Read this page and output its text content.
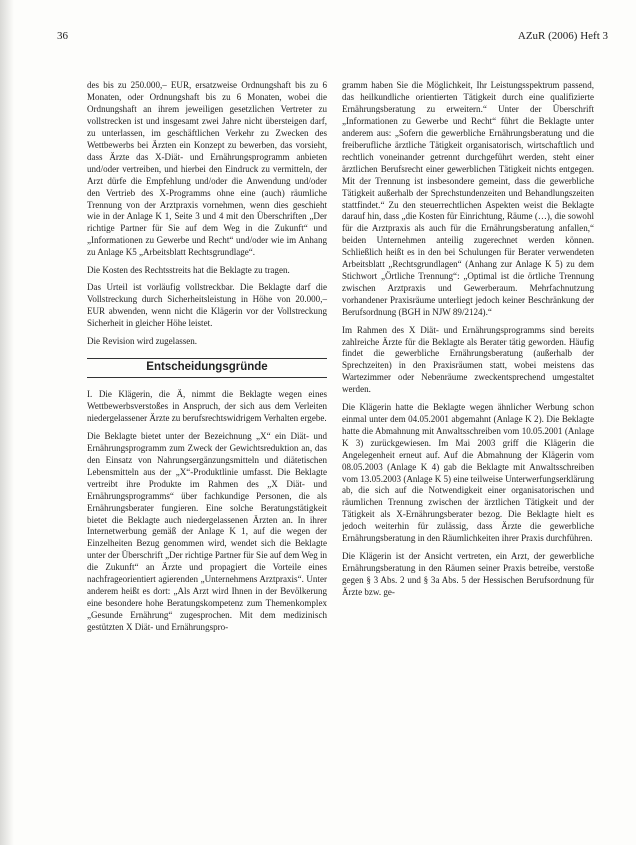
36	AZuR (2006) Heft 3

des bis zu 250.000,– EUR, ersatzweise Ordnungshaft bis zu 6 Monaten, oder Ordnungshaft bis zu 6 Monaten, wobei die Ordnungshaft an ihrem jeweiligen gesetzlichen Vertreter zu vollstrecken ist und insgesamt zwei Jahre nicht übersteigen darf, zu unterlassen, im geschäftlichen Verkehr zu Zwecken des Wettbewerbs bei Ärzten ein Konzept zu bewerben, das vorsieht, dass Ärzte das X-Diät- und Ernährungsprogramm anbieten und/oder vertreiben, und hierbei den Eindruck zu vermitteln, der Arzt dürfe die Empfehlung und/oder die Anwendung und/oder den Vertrieb des X-Programms ohne eine (auch) räumliche Trennung von der Arztpraxis vornehmen, wenn dies geschieht wie in der Anlage K 1, Seite 3 und 4 mit den Überschriften „Der richtige Partner für Sie auf dem Weg in die Zukunft“ und „Informationen zu Gewerbe und Recht“ und/oder wie im Anhang zu Anlage K5 „Arbeitsblatt Rechtsgrundlage“.

Die Kosten des Rechtsstreits hat die Beklagte zu tragen.

Das Urteil ist vorläufig vollstreckbar. Die Beklagte darf die Vollstreckung durch Sicherheitsleistung in Höhe von 20.000,– EUR abwenden, wenn nicht die Klägerin vor der Vollstreckung Sicherheit in gleicher Höhe leistet.

Die Revision wird zugelassen.

Entscheidungsgründe

I. Die Klägerin, die Ä, nimmt die Beklagte wegen eines Wettbewerbsverstoßes in Anspruch, der sich aus dem Verleiten niedergelassener Ärzte zu berufsrechtswidrigem Verhalten ergebe.

Die Beklagte bietet unter der Bezeichnung „X“ ein Diät- und Ernährungsprogramm zum Zweck der Gewichtsreduktion an, das den Einsatz von Nahrungsergänzungsmitteln und diätetischen Lebensmitteln aus der „X“-Produktlinie umfasst. Die Beklagte vertreibt ihre Produkte im Rahmen des „X Diät- und Ernährungsprogramms“ über fachkundige Personen, die als Ernährungsberater fungieren. Eine solche Beratungstätigkeit bietet die Beklagte auch niedergelassenen Ärzten an. In ihrer Internetwerbung gemäß der Anlage K 1, auf die wegen der Einzelheiten Bezug genommen wird, wendet sich die Beklagte unter der Überschrift „Der richtige Partner für Sie auf dem Weg in die Zukunft“ an Ärzte und propagiert die Vorteile eines nachfrageorientiert agierenden „Unternehmens Arztpraxis“. Unter anderem heißt es dort: „Als Arzt wird Ihnen in der Bevölkerung eine besondere hohe Beratungskompetenz zum Themenkomplex „Gesunde Ernährung“ zugesprochen. Mit dem medizinisch gestützten X Diät- und Ernährungspro-

gramm haben Sie die Möglichkeit, Ihr Leistungsspektrum passend, das heilkundliche orientierten Tätigkeit durch eine qualifizierte Ernährungsberatung zu erweitern.“ Unter der Überschrift „Informationen zu Gewerbe und Recht“ führt die Beklagte unter anderem aus: „Sofern die gewerbliche Ernährungsberatung und die freiberufliche ärztliche Tätigkeit organisatorisch, wirtschaftlich und rechtlich voneinander getrennt durchgeführt werden, steht einer ärztlichen Berufsrecht einer gewerblichen Tätigkeit nichts entgegen. Mit der Trennung ist insbesondere gemeint, dass die gewerbliche Tätigkeit außerhalb der Sprechstundenzeiten und Behandlungszeiten stattfindet.“ Zu den steuerrechtlichen Aspekten weist die Beklagte darauf hin, dass „die Kosten für Einrichtung, Räume (…), die sowohl für die Arztpraxis als auch für die Ernährungsberatung anfallen,“ beiden Unternehmen anteilig zugerechnet werden können. Schließlich heißt es in den bei Schulungen für Berater verwendeten Arbeitsblatt „Rechtsgrundlagen“ (Anhang zur Anlage K 5) zu dem Stichwort „Örtliche Trennung“: „Optimal ist die örtliche Trennung zwischen Arztpraxis und Gewerberaum. Mehrfachnutzung vorhandener Praxisräume unterliegt jedoch keiner Beschränkung der Berufsordnung (BGH in NJW 89/2124).“

Im Rahmen des X Diät- und Ernährungsprogramms sind bereits zahlreiche Ärzte für die Beklagte als Berater tätig geworden. Häufig findet die gewerbliche Ernährungsberatung (außerhalb der Sprechzeiten) in den Praxisräumen statt, wobei meistens das Wartezimmer oder Nebenräume zweckentsprechend umgestaltet werden.

Die Klägerin hatte die Beklagte wegen ähnlicher Werbung schon einmal unter dem 04.05.2001 abgemahnt (Anlage K 2). Die Beklagte hatte die Abmahnung mit Anwaltsschreiben vom 10.05.2001 (Anlage K 3) zurückgewiesen. Im Mai 2003 griff die Klägerin die Angelegenheit erneut auf. Auf die Abmahnung der Klägerin vom 08.05.2003 (Anlage K 4) gab die Beklagte mit Anwaltsschreiben vom 13.05.2003 (Anlage K 5) eine teilweise Unterwerfungserklärung ab, die sich auf die Notwendigkeit einer organisatorischen und räumlichen Trennung zwischen der ärztlichen Tätigkeit und der Tätigkeit als X-Ernährungsberater bezog. Die Beklagte hielt es jedoch weiterhin für zulässig, dass Ärzte die gewerbliche Ernährungsberatung in den Räumlichkeiten ihrer Praxis durchführen.

Die Klägerin ist der Ansicht vertreten, ein Arzt, der gewerbliche Ernährungsberatung in den Räumen seiner Praxis betreibe, verstoße gegen § 3 Abs. 2 und § 3a Abs. 5 der Hessischen Berufsordnung für Ärzte bzw. ge-
